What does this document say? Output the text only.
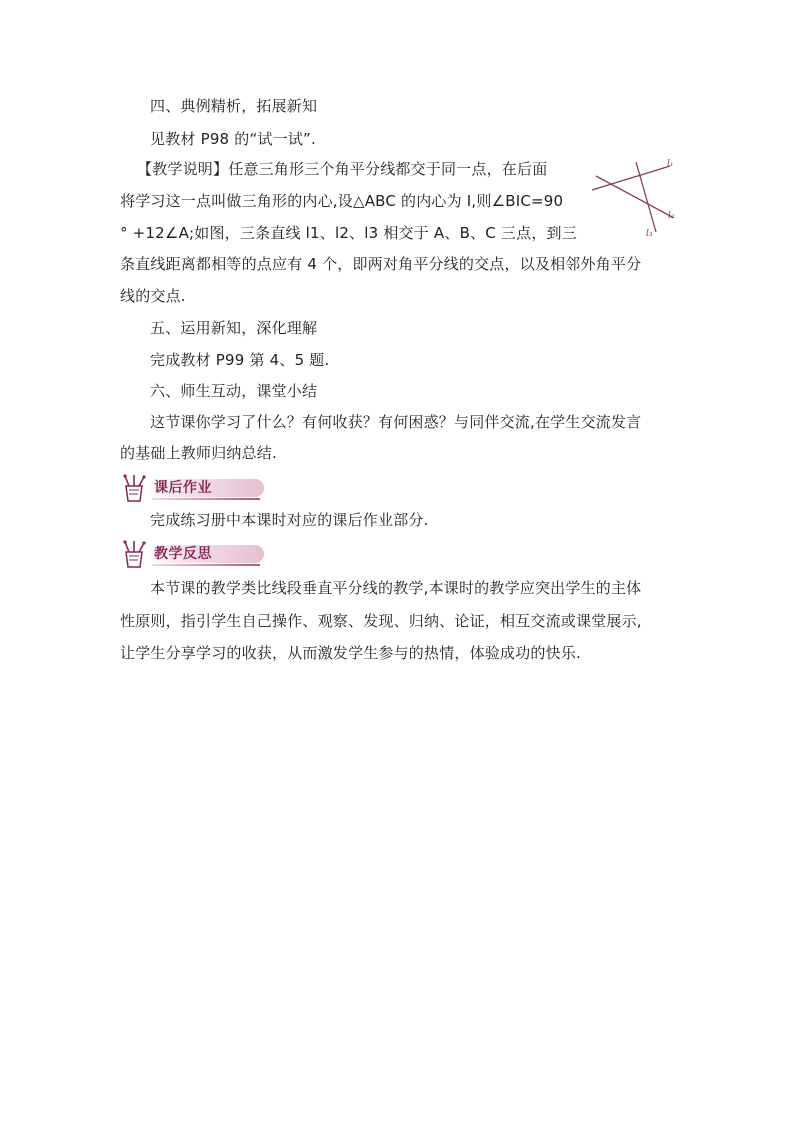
四、典例精析，拓展新知
见教材 P98 的“试一试”.
【教学说明】任意三角形三个角平分线都交于同一点，在后面
将学习这一点叫做三角形的内心,设△ABC 的内心为 I,则∠BIC=90
° +12∠A;如图，三条直线 l1、l2、l3 相交于 A、B、C 三点，到三
条直线距离都相等的点应有 4 个，即两对角平分线的交点，以及相邻外角平分
线的交点.
l₁
l₂
l₃
五、运用新知，深化理解
完成教材 P99 第 4、5 题.
六、师生互动，课堂小结
这节课你学习了什么？有何收获？有何困惑？与同伴交流,在学生交流发言
的基础上教师归纳总结.
课后作业
完成练习册中本课时对应的课后作业部分.
教学反思
本节课的教学类比线段垂直平分线的教学,本课时的教学应突出学生的主体
性原则，指引学生自己操作、观察、发现、归纳、论证，相互交流或课堂展示,
让学生分享学习的收获，从而激发学生参与的热情，体验成功的快乐.
